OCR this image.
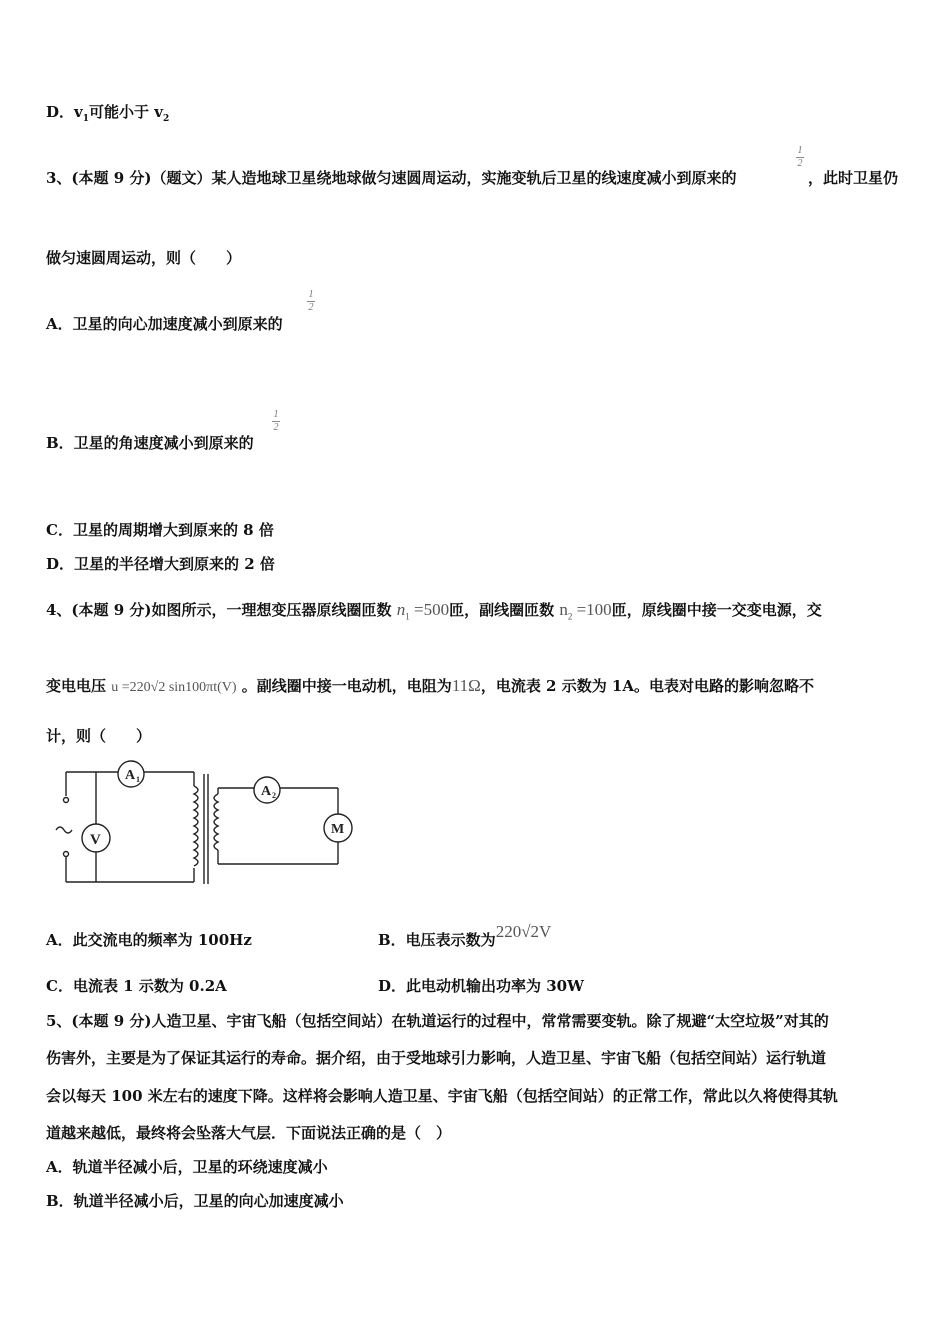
D．$v_1$可能小于 $v_2$
3、(本题 9 分)（题文）某人造地球卫星绕地球做匀速圆周运动，实施变轨后卫星的线速度减小到原来的
1
2
，此时卫星仍
做匀速圆周运动，则（　　）
A．卫星的向心加速度减小到原来的
1
2
B．卫星的角速度减小到原来的
1
2
C．卫星的周期增大到原来的 8 倍
D．卫星的半径增大到原来的 2 倍
4、(本题 9 分)如图所示，一理想变压器原线圈匝数 $n_1 =500$匝，副线圈匝数 $n_2 =100$匝，原线圈中接一交变电源，交
变电电压 u =220√2 sin100πt(V) 。副线圈中接一电动机，电阻为11Ω，电流表 2 示数为 1A。电表对电路的影响忽略不
计，则（　　）
A 1
A 2
V
M
A．此交流电的频率为 100Hz	B．电压表示数为220√2V
C．电流表 1 示数为 0.2A	D．此电动机输出功率为 30W
5、(本题 9 分)人造卫星、宇宙飞船（包括空间站）在轨道运行的过程中，常常需要变轨。除了规避“太空垃圾”对其的
伤害外，主要是为了保证其运行的寿命。据介绍，由于受地球引力影响，人造卫星、宇宙飞船（包括空间站）运行轨道
会以每天 100 米左右的速度下降。这样将会影响人造卫星、宇宙飞船（包括空间站）的正常工作，常此以久将使得其轨
道越来越低，最终将会坠落大气层．下面说法正确的是（　）
A．轨道半径减小后，卫星的环绕速度减小
B．轨道半径减小后，卫星的向心加速度减小
